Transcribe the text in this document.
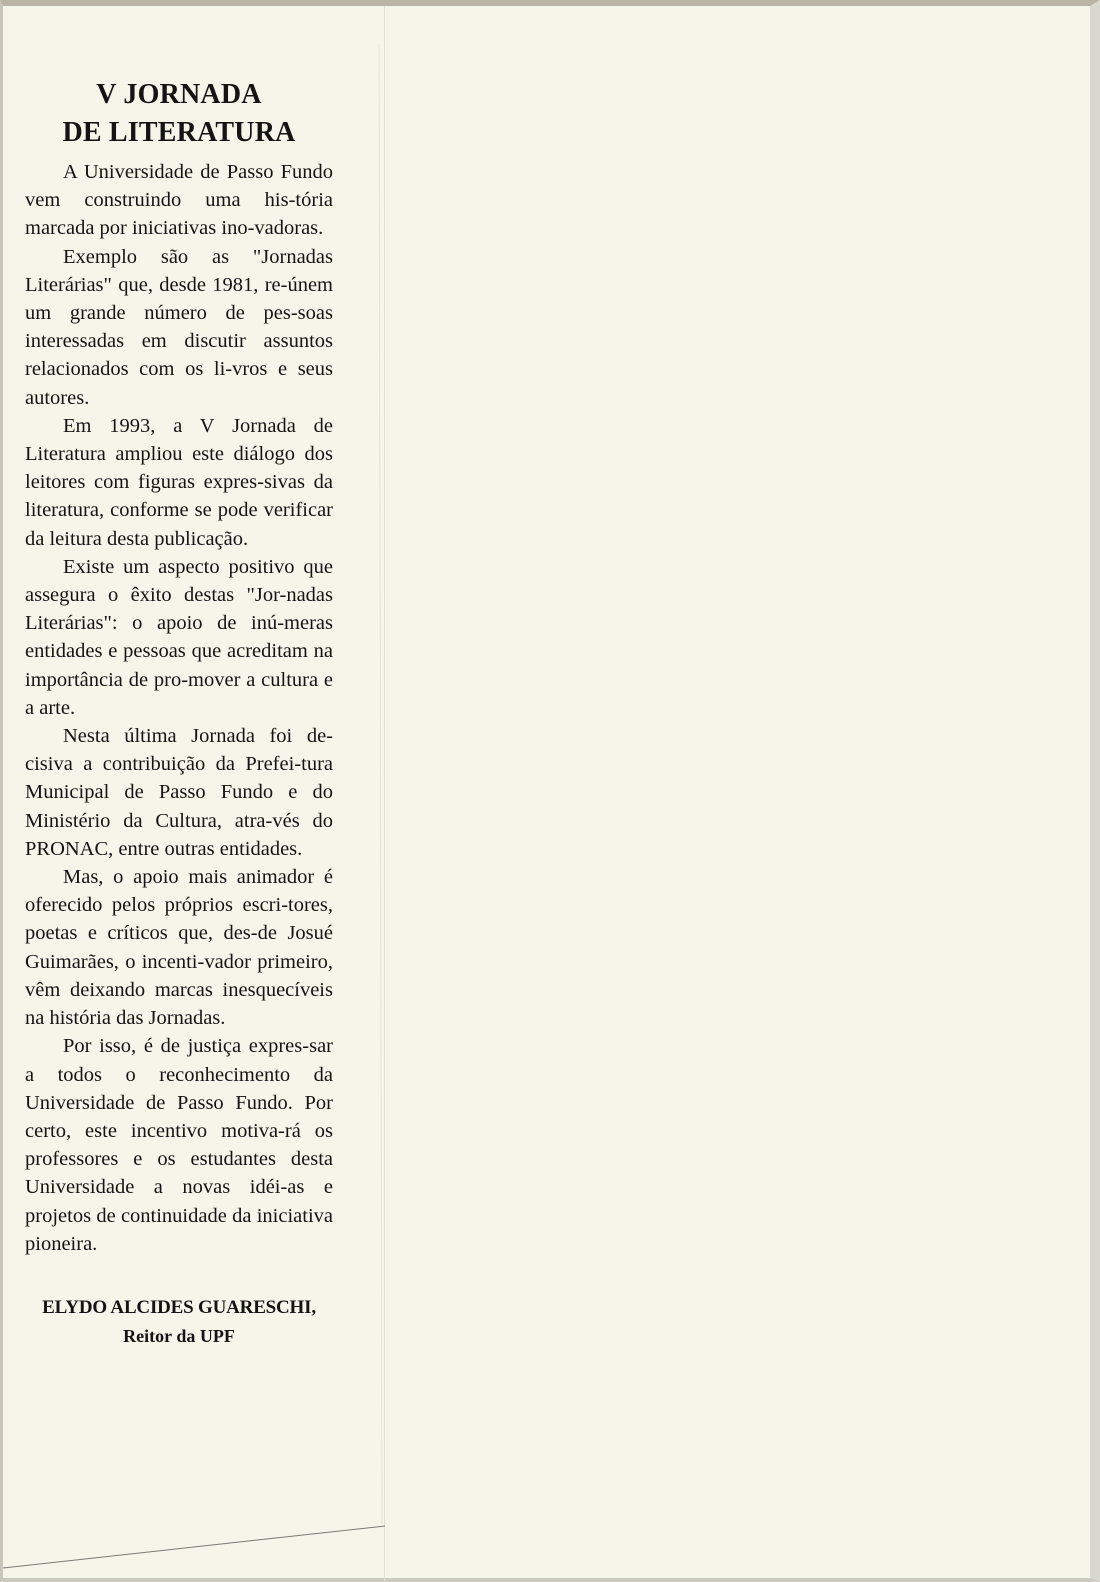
V JORNADA
DE LITERATURA

A Universidade de Passo Fundo vem construindo uma his-tória marcada por iniciativas ino-vadoras.

Exemplo são as "Jornadas Literárias" que, desde 1981, re-únem um grande número de pes-soas interessadas em discutir assuntos relacionados com os li-vros e seus autores.

Em 1993, a V Jornada de Literatura ampliou este diálogo dos leitores com figuras expres-sivas da literatura, conforme se pode verificar da leitura desta publicação.

Existe um aspecto positivo que assegura o êxito destas "Jor-nadas Literárias": o apoio de inú-meras entidades e pessoas que acreditam na importância de pro-mover a cultura e a arte.

Nesta última Jornada foi de-cisiva a contribuição da Prefei-tura Municipal de Passo Fundo e do Ministério da Cultura, atra-vés do PRONAC, entre outras entidades.

Mas, o apoio mais animador é oferecido pelos próprios escri-tores, poetas e críticos que, des-de Josué Guimarães, o incenti-vador primeiro, vêm deixando marcas inesquecíveis na história das Jornadas.

Por isso, é de justiça expres-sar a todos o reconhecimento da Universidade de Passo Fundo. Por certo, este incentivo motiva-rá os professores e os estudantes desta Universidade a novas idéi-as e projetos de continuidade da iniciativa pioneira.

ELYDO ALCIDES GUARESCHI,
Reitor da UPF
